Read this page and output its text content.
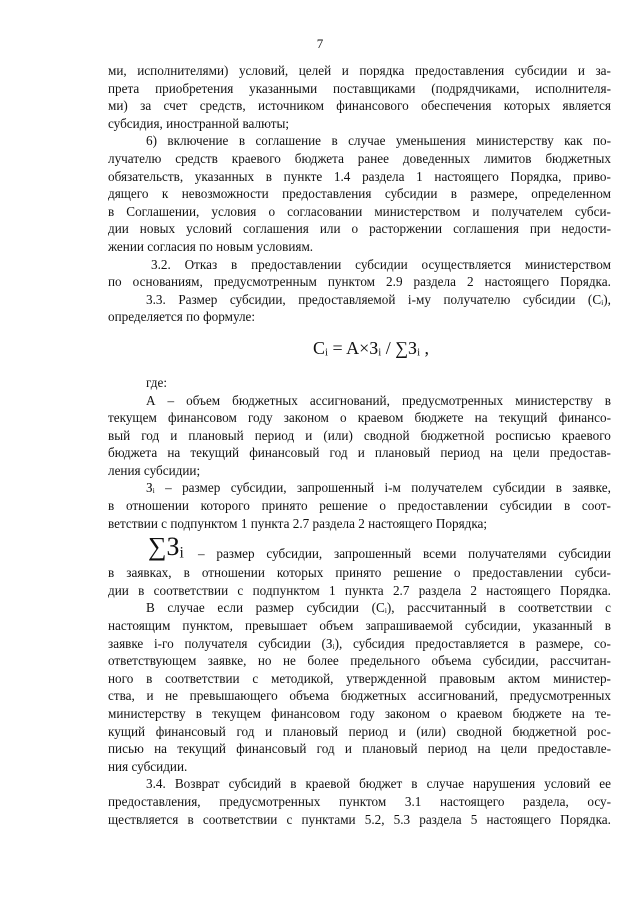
7
ми, исполнителями) условий, целей и порядка предоставления субсидии и за-
прета приобретения указанными поставщиками (подрядчиками, исполнителя-
ми) за счет средств, источником финансового обеспечения которых является
субсидия, иностранной валюты;
6) включение в соглашение в случае уменьшения министерству как по-
лучателю средств краевого бюджета ранее доведенных лимитов бюджетных
обязательств, указанных в пункте 1.4 раздела 1 настоящего Порядка, приво-
дящего к невозможности предоставления субсидии в размере, определенном
в Соглашении, условия о согласовании министерством и получателем субси-
дии новых условий соглашения или о расторжении соглашения при недости-
жении согласия по новым условиям.
3.2. Отказ в предоставлении субсидии осуществляется министерством
по основаниям, предусмотренным пунктом 2.9 раздела 2 настоящего Порядка.
3.3. Размер субсидии, предоставляемой i-му получателю субсидии (Cᵢ),
определяется по формуле:
Cᵢ = A×Зᵢ / ∑Зᵢ ,
где:
А – объем бюджетных ассигнований, предусмотренных министерству в
текущем финансовом году законом о краевом бюджете на текущий финансо-
вый год и плановый период и (или) сводной бюджетной росписью краевого
бюджета на текущий финансовый год и плановый период на цели предостав-
ления субсидии;
Зᵢ – размер субсидии, запрошенный i-м получателем субсидии в заявке,
в отношении которого принято решение о предоставлении субсидии в соот-
ветствии с подпунктом 1 пункта 2.7 раздела 2 настоящего Порядка;
∑Зᵢ – размер субсидии, запрошенный всеми получателями субсидии
в заявках, в отношении которых принято решение о предоставлении субси-
дии в соответствии с подпунктом 1 пункта 2.7 раздела 2 настоящего Порядка.
В случае если размер субсидии (Cᵢ), рассчитанный в соответствии с
настоящим пунктом, превышает объем запрашиваемой субсидии, указанный в
заявке i-го получателя субсидии (Зᵢ), субсидия предоставляется в размере, со-
ответствующем заявке, но не более предельного объема субсидии, рассчитан-
ного в соответствии с методикой, утвержденной правовым актом министер-
ства, и не превышающего объема бюджетных ассигнований, предусмотренных
министерству в текущем финансовом году законом о краевом бюджете на те-
кущий финансовый год и плановый период и (или) сводной бюджетной рос-
писью на текущий финансовый год и плановый период на цели предоставле-
ния субсидии.
3.4. Возврат субсидий в краевой бюджет в случае нарушения условий ее
предоставления, предусмотренных пунктом 3.1 настоящего раздела, осу-
ществляется в соответствии с пунктами 5.2, 5.3 раздела 5 настоящего Порядка.
